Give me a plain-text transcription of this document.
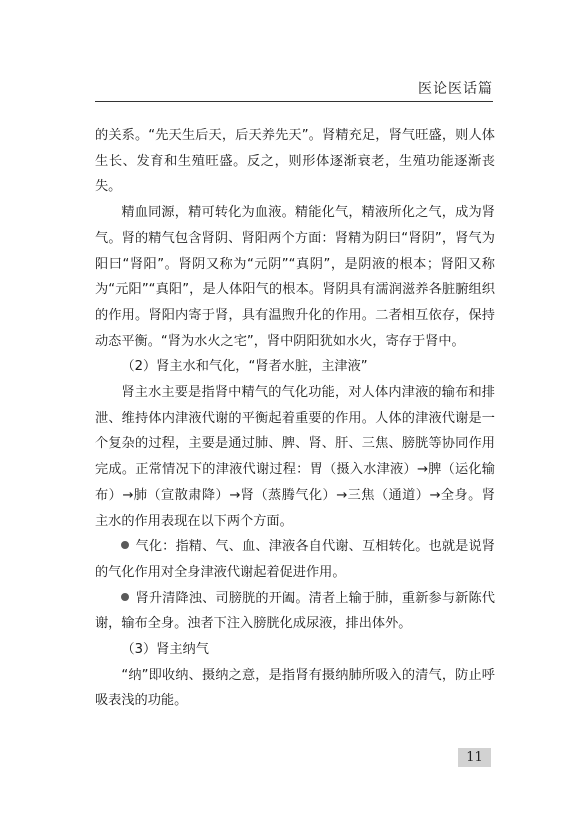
医论医话篇

的关系。“先天生后天，后天养先天”。肾精充足，肾气旺盛，则人体生长、发育和生殖旺盛。反之，则形体逐渐衰老，生殖功能逐渐丧失。

精血同源，精可转化为血液。精能化气，精液所化之气，成为肾气。肾的精气包含肾阴、肾阳两个方面：肾精为阴曰“肾阴”，肾气为阳曰“肾阳”。肾阴又称为“元阴”“真阴”，是阴液的根本；肾阳又称为“元阳”“真阳”，是人体阳气的根本。肾阴具有濡润滋养各脏腑组织的作用。肾阳内寄于肾，具有温煦升化的作用。二者相互依存，保持动态平衡。“肾为水火之宅”，肾中阴阳犹如水火，寄存于肾中。

（2）肾主水和气化，“肾者水脏，主津液”

肾主水主要是指肾中精气的气化功能，对人体内津液的输布和排泄、维持体内津液代谢的平衡起着重要的作用。人体的津液代谢是一个复杂的过程，主要是通过肺、脾、肾、肝、三焦、膀胱等协同作用完成。正常情况下的津液代谢过程：胃（摄入水津液）→脾（运化输布）→肺（宣散肃降）→肾（蒸腾气化）→三焦（通道）→全身。肾主水的作用表现在以下两个方面。

气化：指精、气、血、津液各自代谢、互相转化。也就是说肾的气化作用对全身津液代谢起着促进作用。

肾升清降浊、司膀胱的开阖。清者上输于肺，重新参与新陈代谢，输布全身。浊者下注入膀胱化成尿液，排出体外。

（3）肾主纳气

“纳”即收纳、摄纳之意，是指肾有摄纳肺所吸入的清气，防止呼吸表浅的功能。

11
